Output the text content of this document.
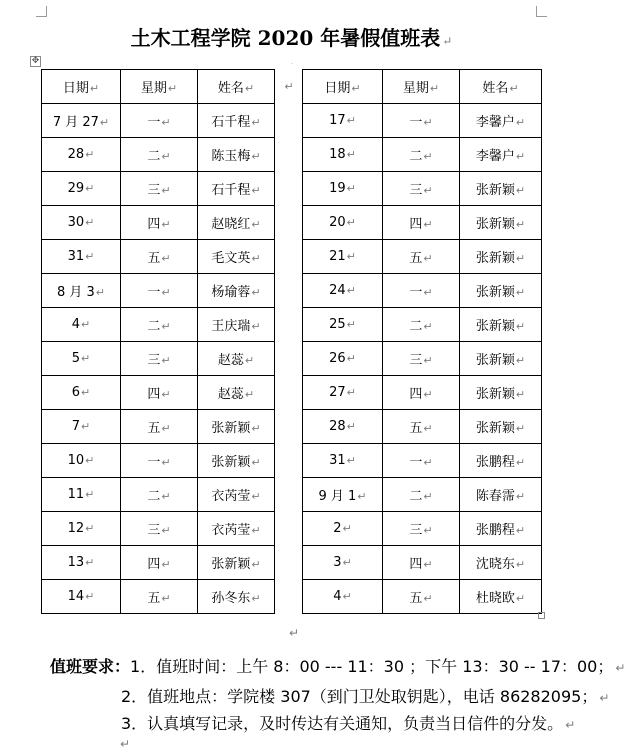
土木工程学院 2020 年暑假值班表 ↵
✥	·
日期↵	星期↵	姓名↵	↵	日期↵	星期↵	姓名↵
7 月 27↵	一↵	石千程↵		17↵	一↵	李馨户↵
28↵	二↵	陈玉梅↵		18↵	二↵	李馨户↵
29↵	三↵	石千程↵		19↵	三↵	张新颖↵
30↵	四↵	赵晓红↵		20↵	四↵	张新颖↵
31↵	五↵	毛文英↵		21↵	五↵	张新颖↵
8 月 3↵	一↵	杨瑜蓉↵		24↵	一↵	张新颖↵
4↵	二↵	王庆瑞↵		25↵	二↵	张新颖↵
5↵	三↵	赵蕊↵		26↵	三↵	张新颖↵
6↵	四↵	赵蕊↵		27↵	四↵	张新颖↵
7↵	五↵	张新颖↵		28↵	五↵	张新颖↵
10↵	一↵	张新颖↵		31↵	一↵	张鹏程↵
11↵	二↵	衣芮莹↵		9 月 1↵	二↵	陈春霈↵
12↵	三↵	衣芮莹↵		2↵	三↵	张鹏程↵
13↵	四↵	张新颖↵		3↵	四↵	沈晓东↵
14↵	五↵	孙冬东↵		4↵	五↵	杜晓欧↵
↵
值班要求：1．值班时间：上午 8：00 --- 11：30 ；下午 13：30 -- 17：00； ↵
2．值班地点：学院楼 307（到门卫处取钥匙），电话 86282095； ↵
3．认真填写记录，及时传达有关通知，负责当日信件的分发。 ↵
↵
